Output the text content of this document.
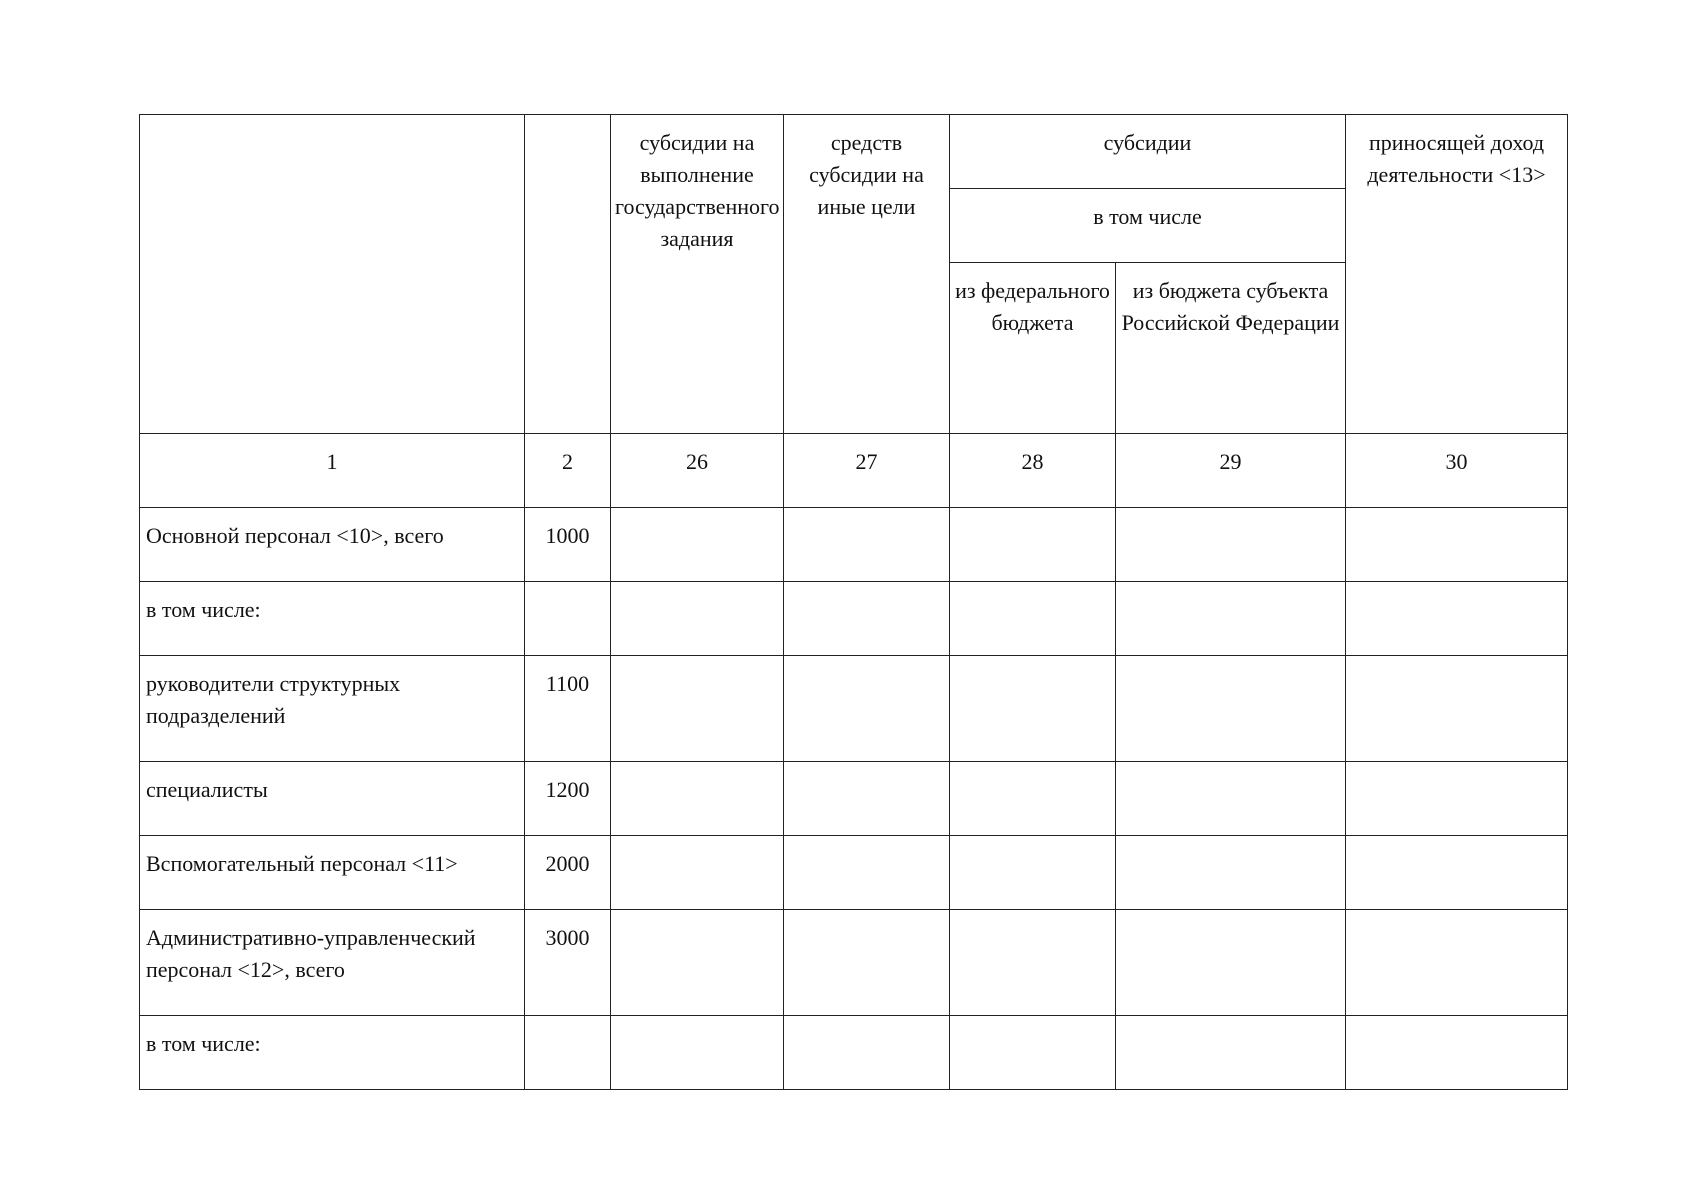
		субсидии на выполнение государственного задания	средств субсидии на иные цели	субсидии		приносящей доход деятельности <13>
				в том числе		
				из федерального бюджета	из бюджета субъекта Российской Федерации	
1	2	26	27	28	29	30
Основной персонал <10>, всего	1000					
в том числе:						
руководители структурных подразделений	1100					
специалисты	1200					
Вспомогательный персонал <11>	2000					
Административно-управленческий персонал <12>, всего	3000					
в том числе:						
